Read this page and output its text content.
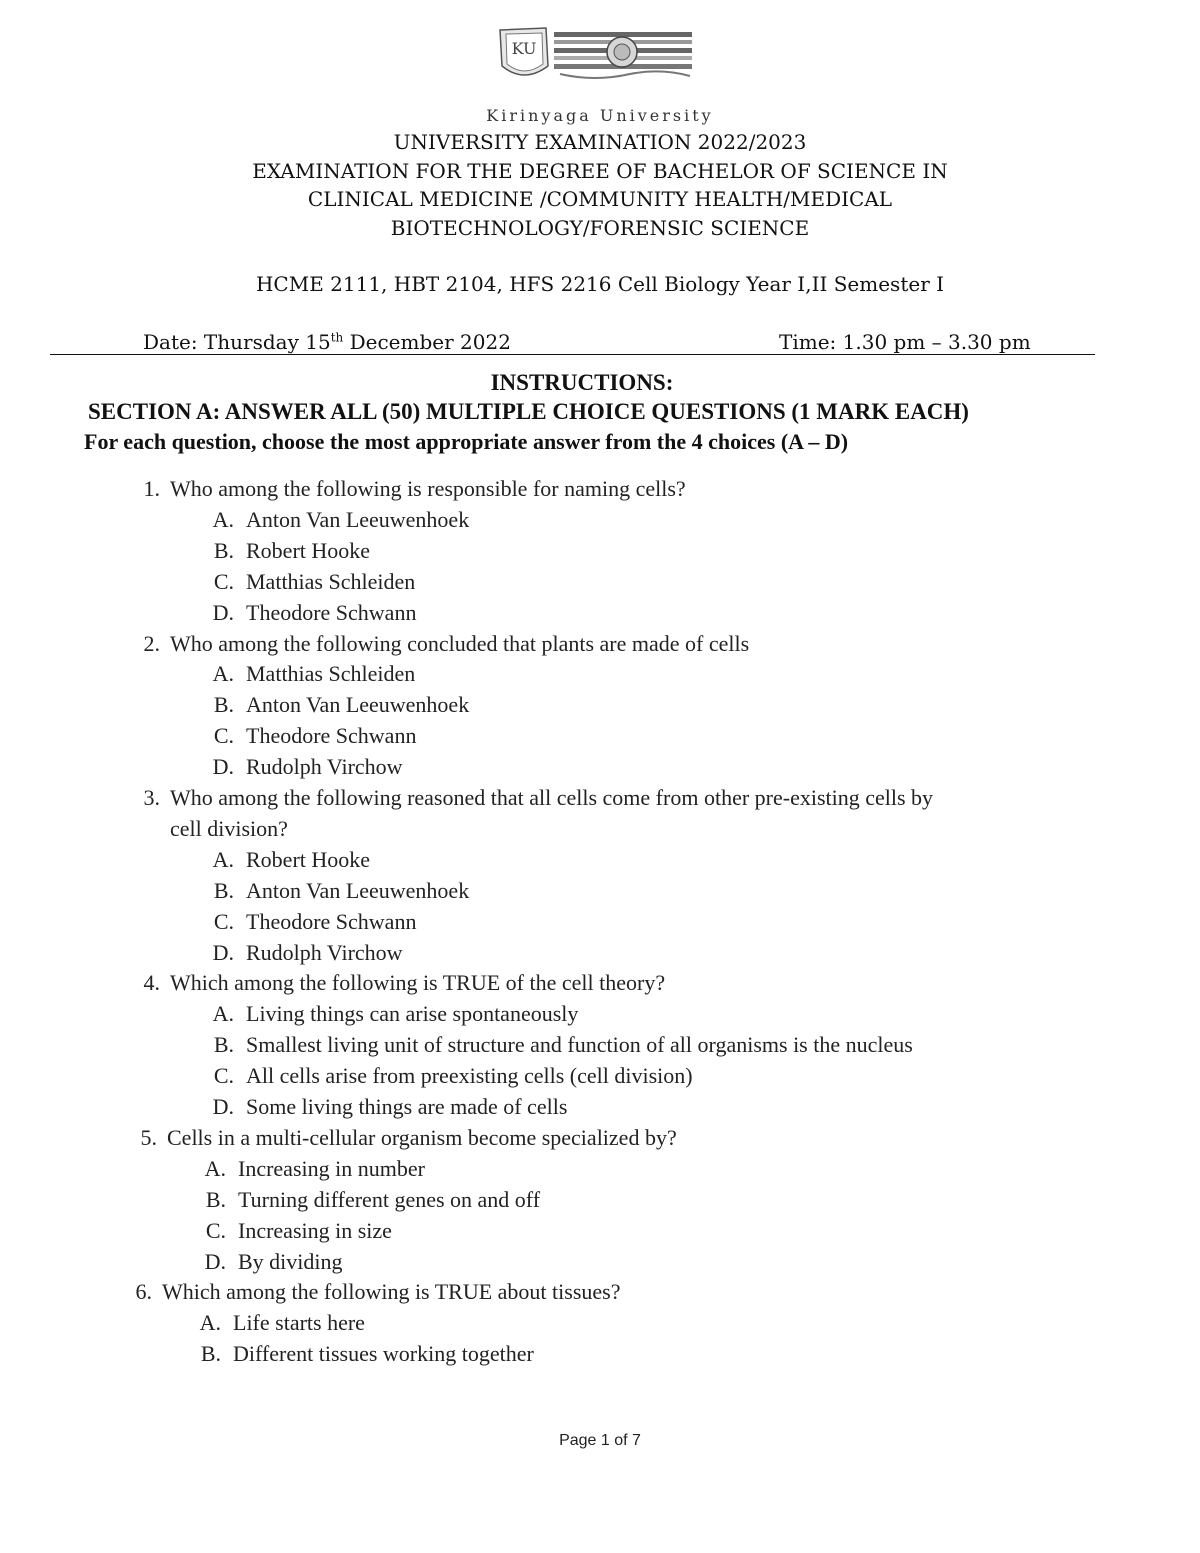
KU
Kirinyaga University
UNIVERSITY EXAMINATION 2022/2023
EXAMINATION FOR THE DEGREE OF BACHELOR OF SCIENCE IN
CLINICAL MEDICINE /COMMUNITY HEALTH/MEDICAL
BIOTECHNOLOGY/FORENSIC SCIENCE
HCME 2111, HBT 2104, HFS 2216 Cell Biology Year I,II Semester I
Date: Thursday 15th December 2022	Time: 1.30 pm – 3.30 pm
INSTRUCTIONS:
SECTION A: ANSWER ALL (50) MULTIPLE CHOICE QUESTIONS (1 MARK EACH)
For each question, choose the most appropriate answer from the 4 choices (A – D)
1. Who among the following is responsible for naming cells?
A. Anton Van Leeuwenhoek
B. Robert Hooke
C. Matthias Schleiden
D. Theodore Schwann
2. Who among the following concluded that plants are made of cells
A. Matthias Schleiden
B. Anton Van Leeuwenhoek
C. Theodore Schwann
D. Rudolph Virchow
3. Who among the following reasoned that all cells come from other pre-existing cells by
cell division?
A. Robert Hooke
B. Anton Van Leeuwenhoek
C. Theodore Schwann
D. Rudolph Virchow
4. Which among the following is TRUE of the cell theory?
A. Living things can arise spontaneously
B. Smallest living unit of structure and function of all organisms is the nucleus
C. All cells arise from preexisting cells (cell division)
D. Some living things are made of cells
5. Cells in a multi-cellular organism become specialized by?
A. Increasing in number
B. Turning different genes on and off
C. Increasing in size
D. By dividing
6. Which among the following is TRUE about tissues?
A. Life starts here
B. Different tissues working together
Page 1 of 7
